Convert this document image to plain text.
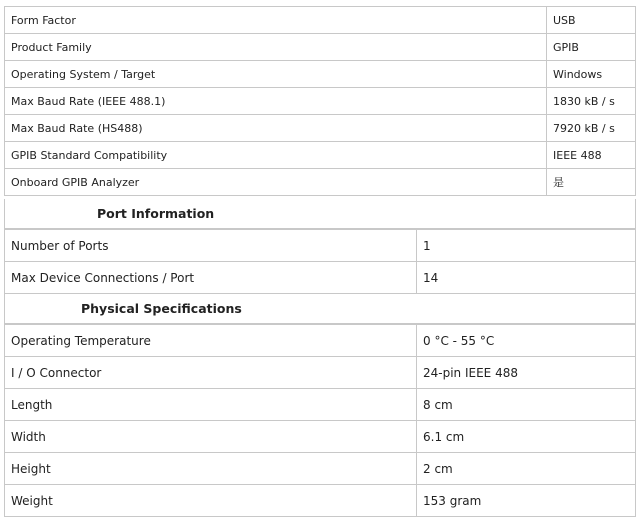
Form Factor	USB
Product Family	GPIB
Operating System / Target	Windows
Max Baud Rate (IEEE 488.1)	1830 kB / s
Max Baud Rate (HS488)	7920 kB / s
GPIB Standard Compatibility	IEEE 488
Onboard GPIB Analyzer	是
Port Information
Number of Ports	1
Max Device Connections / Port	14
Physical Specifications
Operating Temperature	0 °C - 55 °C
I / O Connector	24-pin IEEE 488
Length	8 cm
Width	6.1 cm
Height	2 cm
Weight	153 gram
